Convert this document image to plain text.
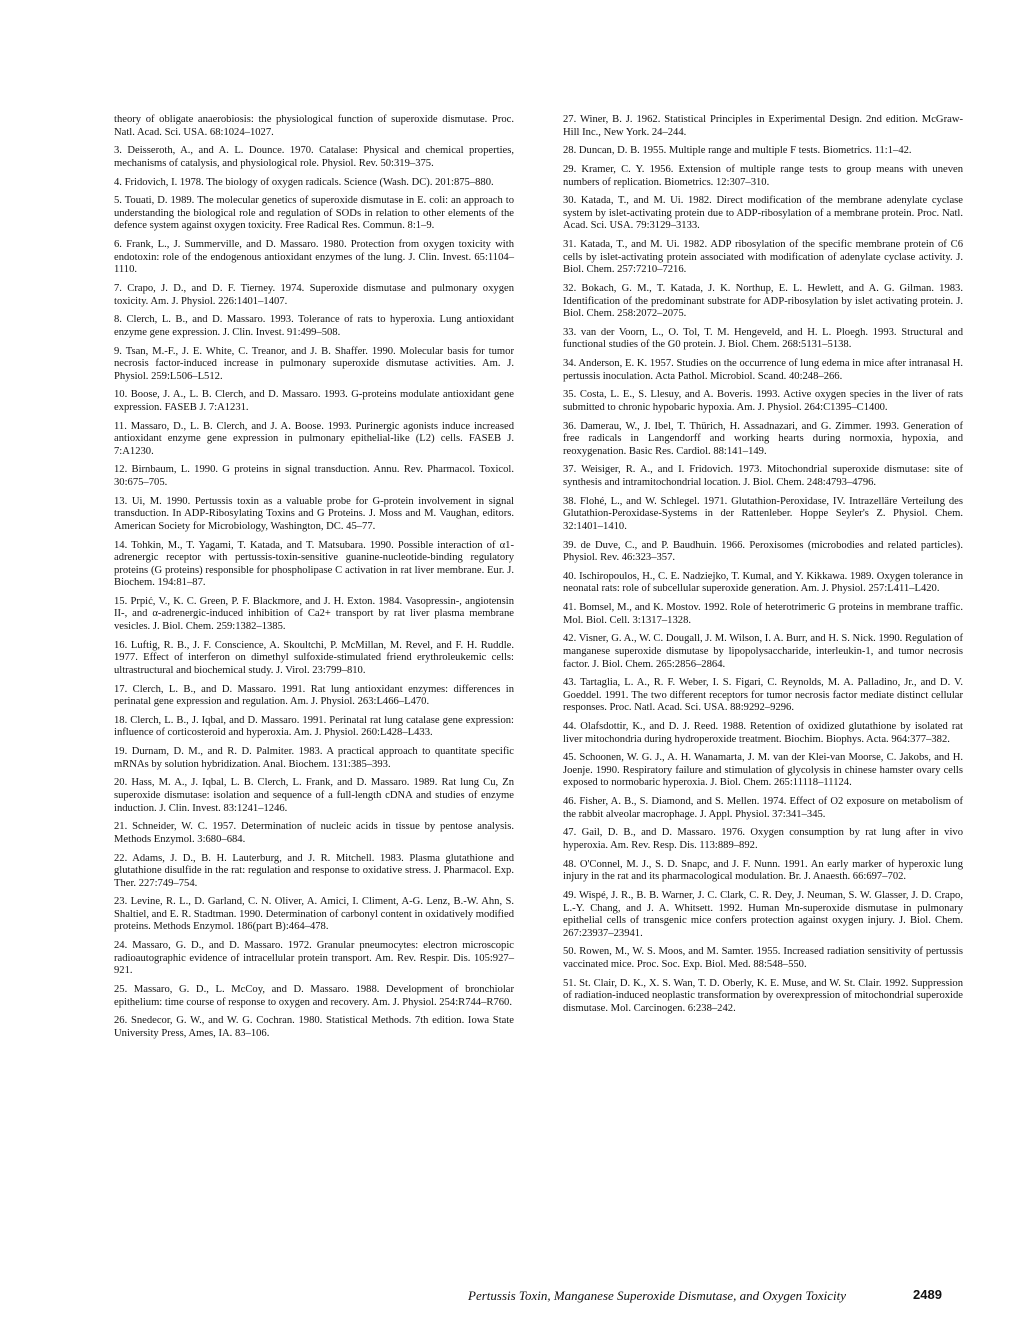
theory of obligate anaerobiosis: the physiological function of superoxide dismutase. Proc. Natl. Acad. Sci. USA. 68:1024–1027.

3. Deisseroth, A., and A. L. Dounce. 1970. Catalase: Physical and chemical properties, mechanisms of catalysis, and physiological role. Physiol. Rev. 50:319–375.

4. Fridovich, I. 1978. The biology of oxygen radicals. Science (Wash. DC). 201:875–880.

5. Touati, D. 1989. The molecular genetics of superoxide dismutase in E. coli: an approach to understanding the biological role and regulation of SODs in relation to other elements of the defence system against oxygen toxicity. Free Radical Res. Commun. 8:1–9.

6. Frank, L., J. Summerville, and D. Massaro. 1980. Protection from oxygen toxicity with endotoxin: role of the endogenous antioxidant enzymes of the lung. J. Clin. Invest. 65:1104–1110.

7. Crapo, J. D., and D. F. Tierney. 1974. Superoxide dismutase and pulmonary oxygen toxicity. Am. J. Physiol. 226:1401–1407.

8. Clerch, L. B., and D. Massaro. 1993. Tolerance of rats to hyperoxia. Lung antioxidant enzyme gene expression. J. Clin. Invest. 91:499–508.

9. Tsan, M.-F., J. E. White, C. Treanor, and J. B. Shaffer. 1990. Molecular basis for tumor necrosis factor-induced increase in pulmonary superoxide dismutase activities. Am. J. Physiol. 259:L506–L512.

10. Boose, J. A., L. B. Clerch, and D. Massaro. 1993. G-proteins modulate antioxidant gene expression. FASEB J. 7:A1231.

11. Massaro, D., L. B. Clerch, and J. A. Boose. 1993. Purinergic agonists induce increased antioxidant enzyme gene expression in pulmonary epithelial-like (L2) cells. FASEB J. 7:A1230.

12. Birnbaum, L. 1990. G proteins in signal transduction. Annu. Rev. Pharmacol. Toxicol. 30:675–705.

13. Ui, M. 1990. Pertussis toxin as a valuable probe for G-protein involvement in signal transduction. In ADP-Ribosylating Toxins and G Proteins. J. Moss and M. Vaughan, editors. American Society for Microbiology, Washington, DC. 45–77.

14. Tohkin, M., T. Yagami, T. Katada, and T. Matsubara. 1990. Possible interaction of α1-adrenergic receptor with pertussis-toxin-sensitive guanine-nucleotide-binding regulatory proteins (G proteins) responsible for phospholipase C activation in rat liver membrane. Eur. J. Biochem. 194:81–87.

15. Prpić, V., K. C. Green, P. F. Blackmore, and J. H. Exton. 1984. Vasopressin-, angiotensin II-, and α-adrenergic-induced inhibition of Ca2+ transport by rat liver plasma membrane vesicles. J. Biol. Chem. 259:1382–1385.

16. Luftig, R. B., J. F. Conscience, A. Skoultchi, P. McMillan, M. Revel, and F. H. Ruddle. 1977. Effect of interferon on dimethyl sulfoxide-stimulated friend erythroleukemic cells: ultrastructural and biochemical study. J. Virol. 23:799–810.

17. Clerch, L. B., and D. Massaro. 1991. Rat lung antioxidant enzymes: differences in perinatal gene expression and regulation. Am. J. Physiol. 263:L466–L470.

18. Clerch, L. B., J. Iqbal, and D. Massaro. 1991. Perinatal rat lung catalase gene expression: influence of corticosteroid and hyperoxia. Am. J. Physiol. 260:L428–L433.

19. Durnam, D. M., and R. D. Palmiter. 1983. A practical approach to quantitate specific mRNAs by solution hybridization. Anal. Biochem. 131:385–393.

20. Hass, M. A., J. Iqbal, L. B. Clerch, L. Frank, and D. Massaro. 1989. Rat lung Cu, Zn superoxide dismutase: isolation and sequence of a full-length cDNA and studies of enzyme induction. J. Clin. Invest. 83:1241–1246.

21. Schneider, W. C. 1957. Determination of nucleic acids in tissue by pentose analysis. Methods Enzymol. 3:680–684.

22. Adams, J. D., B. H. Lauterburg, and J. R. Mitchell. 1983. Plasma glutathione and glutathione disulfide in the rat: regulation and response to oxidative stress. J. Pharmacol. Exp. Ther. 227:749–754.

23. Levine, R. L., D. Garland, C. N. Oliver, A. Amici, I. Climent, A-G. Lenz, B.-W. Ahn, S. Shaltiel, and E. R. Stadtman. 1990. Determination of carbonyl content in oxidatively modified proteins. Methods Enzymol. 186(part B):464–478.

24. Massaro, G. D., and D. Massaro. 1972. Granular pneumocytes: electron microscopic radioautographic evidence of intracellular protein transport. Am. Rev. Respir. Dis. 105:927–921.

25. Massaro, G. D., L. McCoy, and D. Massaro. 1988. Development of bronchiolar epithelium: time course of response to oxygen and recovery. Am. J. Physiol. 254:R744–R760.

26. Snedecor, G. W., and W. G. Cochran. 1980. Statistical Methods. 7th edition. Iowa State University Press, Ames, IA. 83–106.

27. Winer, B. J. 1962. Statistical Principles in Experimental Design. 2nd edition. McGraw-Hill Inc., New York. 24–244.

28. Duncan, D. B. 1955. Multiple range and multiple F tests. Biometrics. 11:1–42.

29. Kramer, C. Y. 1956. Extension of multiple range tests to group means with uneven numbers of replication. Biometrics. 12:307–310.

30. Katada, T., and M. Ui. 1982. Direct modification of the membrane adenylate cyclase system by islet-activating protein due to ADP-ribosylation of a membrane protein. Proc. Natl. Acad. Sci. USA. 79:3129–3133.

31. Katada, T., and M. Ui. 1982. ADP ribosylation of the specific membrane protein of C6 cells by islet-activating protein associated with modification of adenylate cyclase activity. J. Biol. Chem. 257:7210–7216.

32. Bokach, G. M., T. Katada, J. K. Northup, E. L. Hewlett, and A. G. Gilman. 1983. Identification of the predominant substrate for ADP-ribosylation by islet activating protein. J. Biol. Chem. 258:2072–2075.

33. van der Voorn, L., O. Tol, T. M. Hengeveld, and H. L. Ploegh. 1993. Structural and functional studies of the G0 protein. J. Biol. Chem. 268:5131–5138.

34. Anderson, E. K. 1957. Studies on the occurrence of lung edema in mice after intranasal H. pertussis inoculation. Acta Pathol. Microbiol. Scand. 40:248–266.

35. Costa, L. E., S. Llesuy, and A. Boveris. 1993. Active oxygen species in the liver of rats submitted to chronic hypobaric hypoxia. Am. J. Physiol. 264:C1395–C1400.

36. Damerau, W., J. Ibel, T. Thürich, H. Assadnazari, and G. Zimmer. 1993. Generation of free radicals in Langendorff and working hearts during normoxia, hypoxia, and reoxygenation. Basic Res. Cardiol. 88:141–149.

37. Weisiger, R. A., and I. Fridovich. 1973. Mitochondrial superoxide dismutase: site of synthesis and intramitochondrial location. J. Biol. Chem. 248:4793–4796.

38. Flohé, L., and W. Schlegel. 1971. Glutathion-Peroxidase, IV. Intrazelläre Verteilung des Glutathion-Peroxidase-Systems in der Rattenleber. Hoppe Seyler's Z. Physiol. Chem. 32:1401–1410.

39. de Duve, C., and P. Baudhuin. 1966. Peroxisomes (microbodies and related particles). Physiol. Rev. 46:323–357.

40. Ischiropoulos, H., C. E. Nadziejko, T. Kumal, and Y. Kikkawa. 1989. Oxygen tolerance in neonatal rats: role of subcellular superoxide generation. Am. J. Physiol. 257:L411–L420.

41. Bomsel, M., and K. Mostov. 1992. Role of heterotrimeric G proteins in membrane traffic. Mol. Biol. Cell. 3:1317–1328.

42. Visner, G. A., W. C. Dougall, J. M. Wilson, I. A. Burr, and H. S. Nick. 1990. Regulation of manganese superoxide dismutase by lipopolysaccharide, interleukin-1, and tumor necrosis factor. J. Biol. Chem. 265:2856–2864.

43. Tartaglia, L. A., R. F. Weber, I. S. Figari, C. Reynolds, M. A. Palladino, Jr., and D. V. Goeddel. 1991. The two different receptors for tumor necrosis factor mediate distinct cellular responses. Proc. Natl. Acad. Sci. USA. 88:9292–9296.

44. Olafsdottir, K., and D. J. Reed. 1988. Retention of oxidized glutathione by isolated rat liver mitochondria during hydroperoxide treatment. Biochim. Biophys. Acta. 964:377–382.

45. Schoonen, W. G. J., A. H. Wanamarta, J. M. van der Klei-van Moorse, C. Jakobs, and H. Joenje. 1990. Respiratory failure and stimulation of glycolysis in chinese hamster ovary cells exposed to normobaric hyperoxia. J. Biol. Chem. 265:11118–11124.

46. Fisher, A. B., S. Diamond, and S. Mellen. 1974. Effect of O2 exposure on metabolism of the rabbit alveolar macrophage. J. Appl. Physiol. 37:341–345.

47. Gail, D. B., and D. Massaro. 1976. Oxygen consumption by rat lung after in vivo hyperoxia. Am. Rev. Resp. Dis. 113:889–892.

48. O'Connel, M. J., S. D. Snapc, and J. F. Nunn. 1991. An early marker of hyperoxic lung injury in the rat and its pharmacological modulation. Br. J. Anaesth. 66:697–702.

49. Wispé, J. R., B. B. Warner, J. C. Clark, C. R. Dey, J. Neuman, S. W. Glasser, J. D. Crapo, L.-Y. Chang, and J. A. Whitsett. 1992. Human Mn-superoxide dismutase in pulmonary epithelial cells of transgenic mice confers protection against oxygen injury. J. Biol. Chem. 267:23937–23941.

50. Rowen, M., W. S. Moos, and M. Samter. 1955. Increased radiation sensitivity of pertussis vaccinated mice. Proc. Soc. Exp. Biol. Med. 88:548–550.

51. St. Clair, D. K., X. S. Wan, T. D. Oberly, K. E. Muse, and W. St. Clair. 1992. Suppression of radiation-induced neoplastic transformation by overexpression of mitochondrial superoxide dismutase. Mol. Carcinogen. 6:238–242.

Pertussis Toxin, Manganese Superoxide Dismutase, and Oxygen Toxicity	2489
